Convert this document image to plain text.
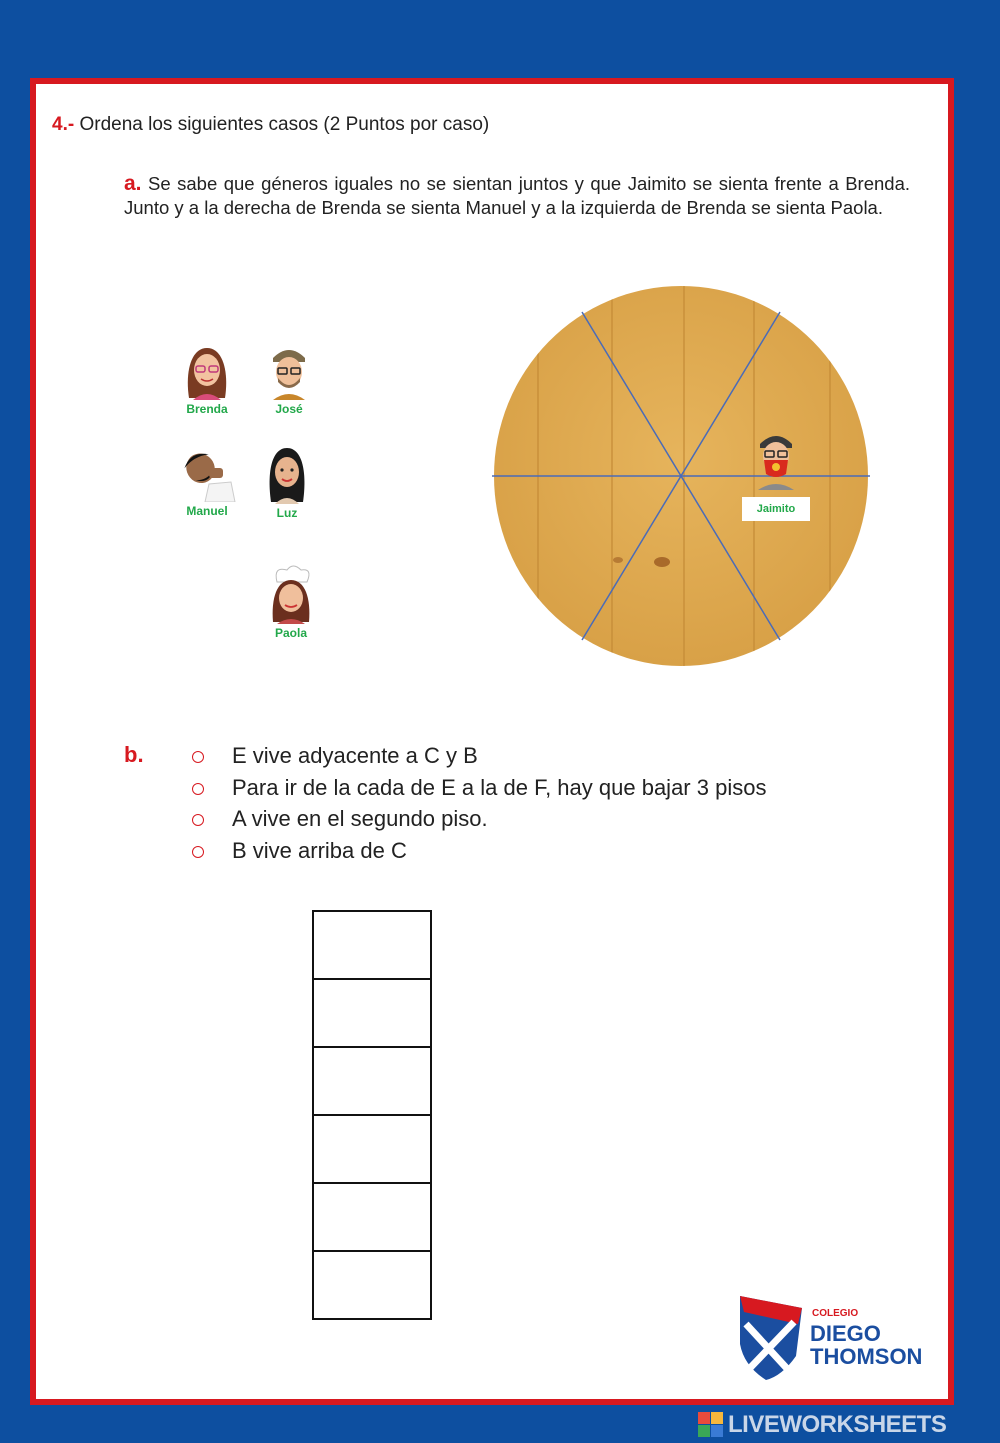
4.- Ordena los siguientes casos (2 Puntos por caso)
a. Se sabe que géneros iguales no se sientan juntos y que Jaimito se sienta frente a Brenda. Junto y a la derecha de Brenda se sienta Manuel y a la izquierda de Brenda se sienta Paola.
Brenda	José
Manuel	Luz
Paola
Jaimito
b.	E vive adyacente a C y B
Para ir de la cada de E a la de F, hay que bajar 3 pisos
A vive en el segundo piso.
B vive arriba de C
COLEGIO
DIEGO
THOMSON
LIVEWORKSHEETS
